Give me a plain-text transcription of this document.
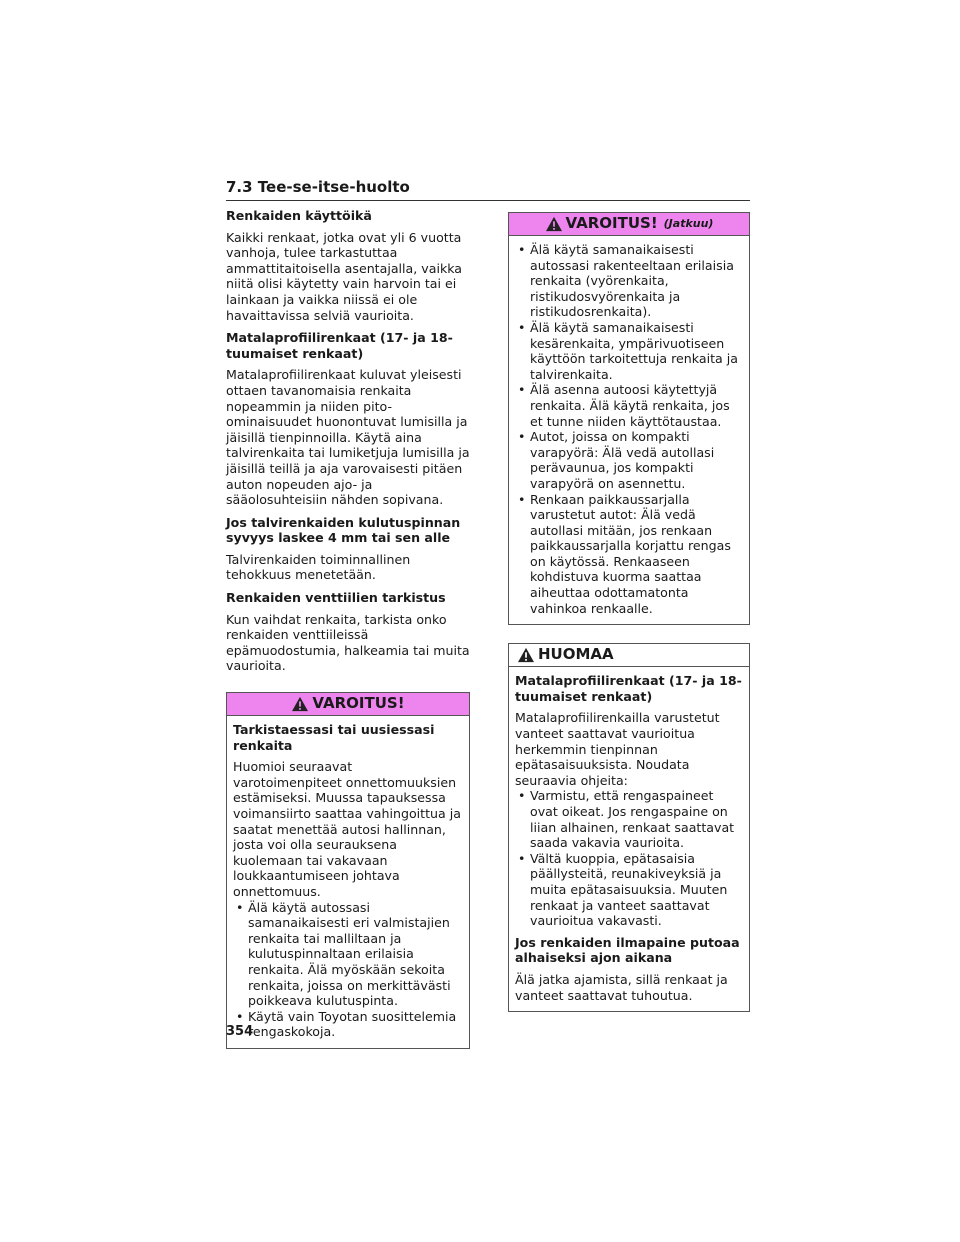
7.3 Tee-se-itse-huolto
Renkaiden käyttöikä
Kaikki renkaat, jotka ovat yli 6 vuotta vanhoja, tulee tarkastuttaa ammattitaitoisella asentajalla, vaikka niitä olisi käytetty vain harvoin tai ei lainkaan ja vaikka niissä ei ole havaittavissa selviä vaurioita.
Matalaprofiilirenkaat (17- ja 18-tuumaiset renkaat)
Matalaprofiilirenkaat kuluvat yleisesti ottaen tavanomaisia renkaita nopeammin ja niiden pito-ominaisuudet huonontuvat lumisilla ja jäisillä tienpinnoilla. Käytä aina talvirenkaita tai lumiketjuja lumisilla ja jäisillä teillä ja aja varovaisesti pitäen auton nopeuden ajo- ja sääolosuhteisiin nähden sopivana.
Jos talvirenkaiden kulutuspinnan syvyys laskee 4 mm tai sen alle
Talvirenkaiden toiminnallinen tehokkuus menetetään.
Renkaiden venttiilien tarkistus
Kun vaihdat renkaita, tarkista onko renkaiden venttiileissä epämuodostumia, halkeamia tai muita vaurioita.
VAROITUS!
Tarkistaessasi tai uusiessasi renkaita
Huomioi seuraavat varotoimenpiteet onnettomuuksien estämiseksi. Muussa tapauksessa voimansiirto saattaa vahingoittua ja saatat menettää autosi hallinnan, josta voi olla seurauksena kuolemaan tai vakavaan loukkaantumiseen johtava onnettomuus.
• Älä käytä autossasi samanaikaisesti eri valmistajien renkaita tai malliltaan ja kulutuspinnaltaan erilaisia renkaita. Älä myöskään sekoita renkaita, joissa on merkittävästi poikkeava kulutuspinta.
• Käytä vain Toyotan suosittelemia rengaskokoja.
VAROITUS! (Jatkuu)
• Älä käytä samanaikaisesti autossasi rakenteeltaan erilaisia renkaita (vyörenkaita, ristikudosvyörenkaita ja ristikudosrenkaita).
• Älä käytä samanaikaisesti kesärenkaita, ympärivuotiseen käyttöön tarkoitettuja renkaita ja talvirenkaita.
• Älä asenna autoosi käytettyjä renkaita. Älä käytä renkaita, jos et tunne niiden käyttötaustaa.
• Autot, joissa on kompakti varapyörä: Älä vedä autollasi perävaunua, jos kompakti varapyörä on asennettu.
• Renkaan paikkaussarjalla varustetut autot: Älä vedä autollasi mitään, jos renkaan paikkaussarjalla korjattu rengas on käytössä. Renkaaseen kohdistuva kuorma saattaa aiheuttaa odottamatonta vahinkoa renkaalle.
HUOMAA
Matalaprofiilirenkaat (17- ja 18-tuumaiset renkaat)
Matalaprofiilirenkailla varustetut vanteet saattavat vaurioitua herkemmin tienpinnan epätasaisuuksista. Noudata seuraavia ohjeita:
• Varmistu, että rengaspaineet ovat oikeat. Jos rengaspaine on liian alhainen, renkaat saattavat saada vakavia vaurioita.
• Vältä kuoppia, epätasaisia päällysteitä, reunakiveyksiä ja muita epätasaisuuksia. Muuten renkaat ja vanteet saattavat vaurioitua vakavasti.
Jos renkaiden ilmapaine putoaa alhaiseksi ajon aikana
Älä jatka ajamista, sillä renkaat ja vanteet saattavat tuhoutua.
354
